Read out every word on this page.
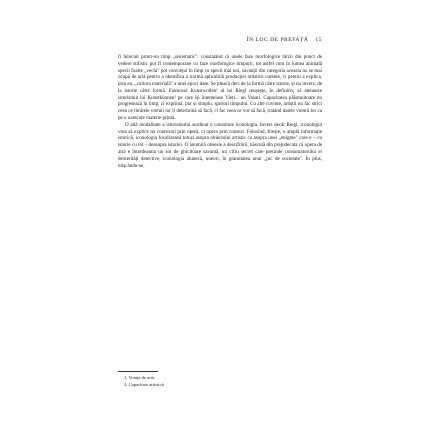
ÎN LOC DE PREFAȚĂ 15

fi înlocuit printr-un timp „sistematic": constatând că unele faze morfologice târzii din punct de vedere stilistic pot fi contemporane cu faze morfologice timpurii, tot astfel cum în lumea animală specii foarte „vechi" pot conviețui în timp cu specii mai noi, savanții din categoria aceasta nu se mai ocupă de artă pentru a identifica o normă aplicabilă producției artistice curente, ci pentru a explica, prin ea, „cultura materială" a unei epoci date. Se pleacă deci de la formă către istorie, și nu invers, de la istorie către formă. Faimosul Kunstwollen¹ al lui Riegl reușește, în definitiv, să atenueze istorismul lui Kunstkönnen² pe care își întemeiase Vieți... un Vasari. Capacitatea plăsmuitoare nu progresează în timp, ci exprimă, pur și simplu, spiritul timpului. Cu alte cuvinte, artiștii nu fac strict ceea ce limitele vremii lor îi determină să facă, ci fac ceea ce vor să facă, tratând datele vremii lor ca pe o oarecare materie primă.

O altă modalitate a istorismului surdinat o constituie iconologia. Invers decât Riegl, iconologul vrea să explice nu contextul prin operă, ci opera prin context. Folosind, firește, o amplă informație istorică, iconologia focalizează totuși asupra obiectului artistic ca asupra unei „enigme" care e – cu istorie cu tot – deasupra istoriei. O anumită obsesie a descifrării, născută din prejudecata că opera de artă e întotdeauna un soi de ghicitoare savantă, un cifru secret care pretinde consumatorului ei dexterități detective, iconologia alunecă, uneori, în gratuitatea unui „joc de societate". În plus, mișcându-se,

1. Voința de artă.
2. Capacitate artistică.
